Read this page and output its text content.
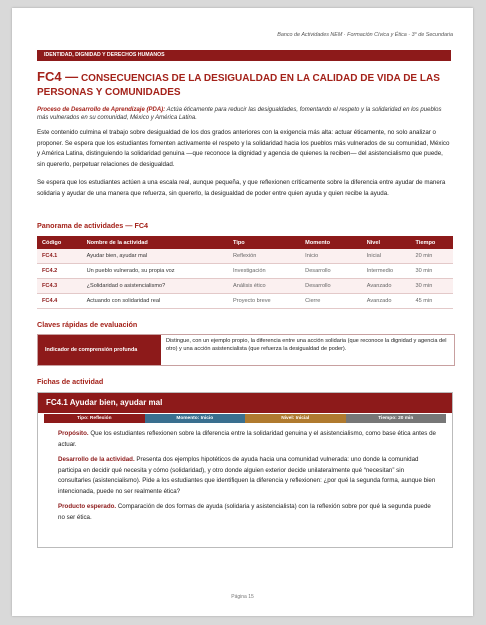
Banco de Actividades NEM · Formación Cívica y Ética · 3° de Secundaria
IDENTIDAD, DIGNIDAD Y DERECHOS HUMANOS
FC4 — CONSECUENCIAS DE LA DESIGUALDAD EN LA CALIDAD DE VIDA DE LAS PERSONAS Y COMUNIDADES
Proceso de Desarrollo de Aprendizaje (PDA): Actúa éticamente para reducir las desigualdades, fomentando el respeto y la solidaridad en los pueblos más vulnerados en su comunidad, México y América Latina.
Este contenido culmina el trabajo sobre desigualdad de los dos grados anteriores con la exigencia más alta: actuar éticamente, no solo analizar o proponer. Se espera que los estudiantes fomenten activamente el respeto y la solidaridad hacia los pueblos más vulnerados de su comunidad, México y América Latina, distinguiendo la solidaridad genuina —que reconoce la dignidad y agencia de quienes la reciben— del asistencialismo que puede, sin quererlo, perpetuar relaciones de desigualdad.
Se espera que los estudiantes actúen a una escala real, aunque pequeña, y que reflexionen críticamente sobre la diferencia entre ayudar de manera solidaria y ayudar de una manera que refuerza, sin quererlo, la desigualdad de poder entre quien ayuda y quien recibe la ayuda.
Panorama de actividades — FC4
Código	Nombre de la actividad	Tipo	Momento	Nivel	Tiempo
FC4.1	Ayudar bien, ayudar mal	Reflexión	Inicio	Inicial	20 min
FC4.2	Un pueblo vulnerado, su propia voz	Investigación	Desarrollo	Intermedio	30 min
FC4.3	¿Solidaridad o asistencialismo?	Análisis ético	Desarrollo	Avanzado	30 min
FC4.4	Actuando con solidaridad real	Proyecto breve	Cierre	Avanzado	45 min
Claves rápidas de evaluación
Indicador de comprensión profunda
Distingue, con un ejemplo propio, la diferencia entre una acción solidaria (que reconoce la dignidad y agencia del otro) y una acción asistencialista (que refuerza la desigualdad de poder).
Fichas de actividad
FC4.1 Ayudar bien, ayudar mal
Tipo: Reflexión	Momento: Inicio	Nivel: Inicial	Tiempo: 20 min

Propósito. Que los estudiantes reflexionen sobre la diferencia entre la solidaridad genuina y el asistencialismo, como base ética antes de actuar.

Desarrollo de la actividad. Presenta dos ejemplos hipotéticos de ayuda hacia una comunidad vulnerada: uno donde la comunidad participa en decidir qué necesita y cómo (solidaridad), y otro donde alguien exterior decide unilateralmente qué “necesitan” sin consultarles (asistencialismo). Pide a los estudiantes que identifiquen la diferencia y reflexionen: ¿por qué la segunda forma, aunque bien intencionada, puede no ser realmente ética?

Producto esperado. Comparación de dos formas de ayuda (solidaria y asistencialista) con la reflexión sobre por qué la segunda puede no ser ética.

Página 15
